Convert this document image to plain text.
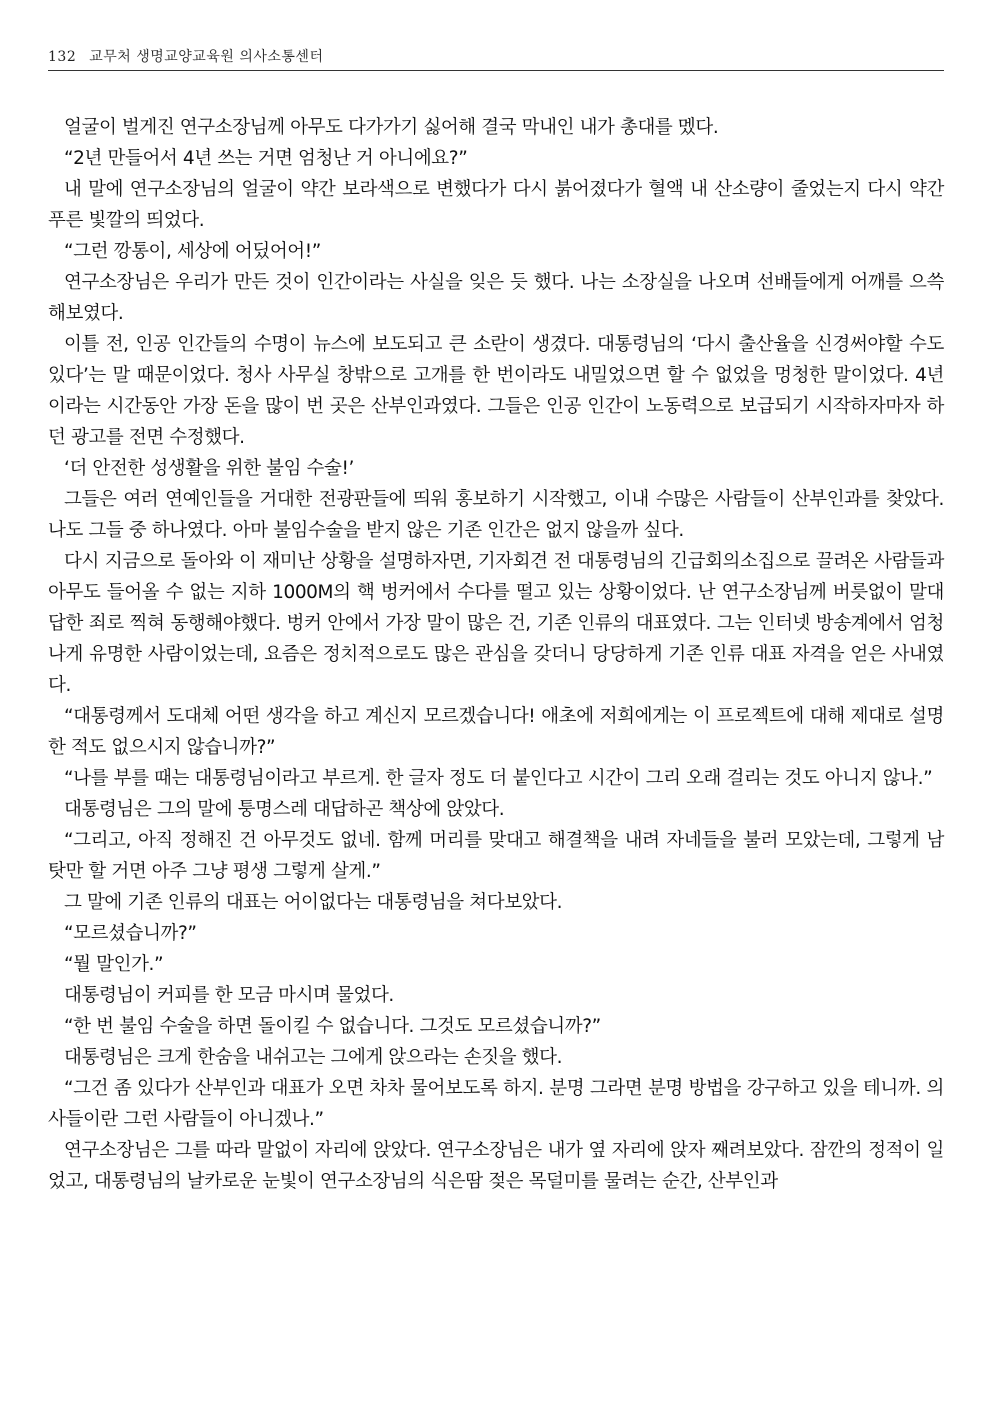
132 교무처 생명교양교육원 의사소통센터

얼굴이 벌게진 연구소장님께 아무도 다가가기 싫어해 결국 막내인 내가 총대를 멨다.

“2년 만들어서 4년 쓰는 거면 엄청난 거 아니에요?”

내 말에 연구소장님의 얼굴이 약간 보라색으로 변했다가 다시 붉어졌다가 혈액 내 산소량이 줄었는지 다시 약간 푸른 빛깔의 띄었다.

“그런 깡통이, 세상에 어딨어어!”

연구소장님은 우리가 만든 것이 인간이라는 사실을 잊은 듯 했다. 나는 소장실을 나오며 선배들에게 어깨를 으쓱해보였다.

이틀 전, 인공 인간들의 수명이 뉴스에 보도되고 큰 소란이 생겼다. 대통령님의 ‘다시 출산율을 신경써야할 수도 있다’는 말 때문이었다. 청사 사무실 창밖으로 고개를 한 번이라도 내밀었으면 할 수 없었을 멍청한 말이었다. 4년이라는 시간동안 가장 돈을 많이 번 곳은 산부인과였다. 그들은 인공 인간이 노동력으로 보급되기 시작하자마자 하던 광고를 전면 수정했다.

‘더 안전한 성생활을 위한 불임 수술!’

그들은 여러 연예인들을 거대한 전광판들에 띄워 홍보하기 시작했고, 이내 수많은 사람들이 산부인과를 찾았다. 나도 그들 중 하나였다. 아마 불임수술을 받지 않은 기존 인간은 없지 않을까 싶다.

다시 지금으로 돌아와 이 재미난 상황을 설명하자면, 기자회견 전 대통령님의 긴급회의소집으로 끌려온 사람들과 아무도 들어올 수 없는 지하 1000M의 핵 벙커에서 수다를 떨고 있는 상황이었다. 난 연구소장님께 버릇없이 말대답한 죄로 찍혀 동행해야했다. 벙커 안에서 가장 말이 많은 건, 기존 인류의 대표였다. 그는 인터넷 방송계에서 엄청나게 유명한 사람이었는데, 요즘은 정치적으로도 많은 관심을 갖더니 당당하게 기존 인류 대표 자격을 얻은 사내였다.

“대통령께서 도대체 어떤 생각을 하고 계신지 모르겠습니다! 애초에 저희에게는 이 프로젝트에 대해 제대로 설명한 적도 없으시지 않습니까?”

“나를 부를 때는 대통령님이라고 부르게. 한 글자 정도 더 붙인다고 시간이 그리 오래 걸리는 것도 아니지 않나.”

대통령님은 그의 말에 퉁명스레 대답하곤 책상에 앉았다.

“그리고, 아직 정해진 건 아무것도 없네. 함께 머리를 맞대고 해결책을 내려 자네들을 불러 모았는데, 그렇게 남 탓만 할 거면 아주 그냥 평생 그렇게 살게.”

그 말에 기존 인류의 대표는 어이없다는 대통령님을 쳐다보았다.

“모르셨습니까?”

“뭘 말인가.”

대통령님이 커피를 한 모금 마시며 물었다.

“한 번 불임 수술을 하면 돌이킬 수 없습니다. 그것도 모르셨습니까?”

대통령님은 크게 한숨을 내쉬고는 그에게 앉으라는 손짓을 했다.

“그건 좀 있다가 산부인과 대표가 오면 차차 물어보도록 하지. 분명 그라면 분명 방법을 강구하고 있을 테니까. 의사들이란 그런 사람들이 아니겠나.”

연구소장님은 그를 따라 말없이 자리에 앉았다. 연구소장님은 내가 옆 자리에 앉자 째려보았다. 잠깐의 정적이 일었고, 대통령님의 날카로운 눈빛이 연구소장님의 식은땀 젖은 목덜미를 물려는 순간, 산부인과
